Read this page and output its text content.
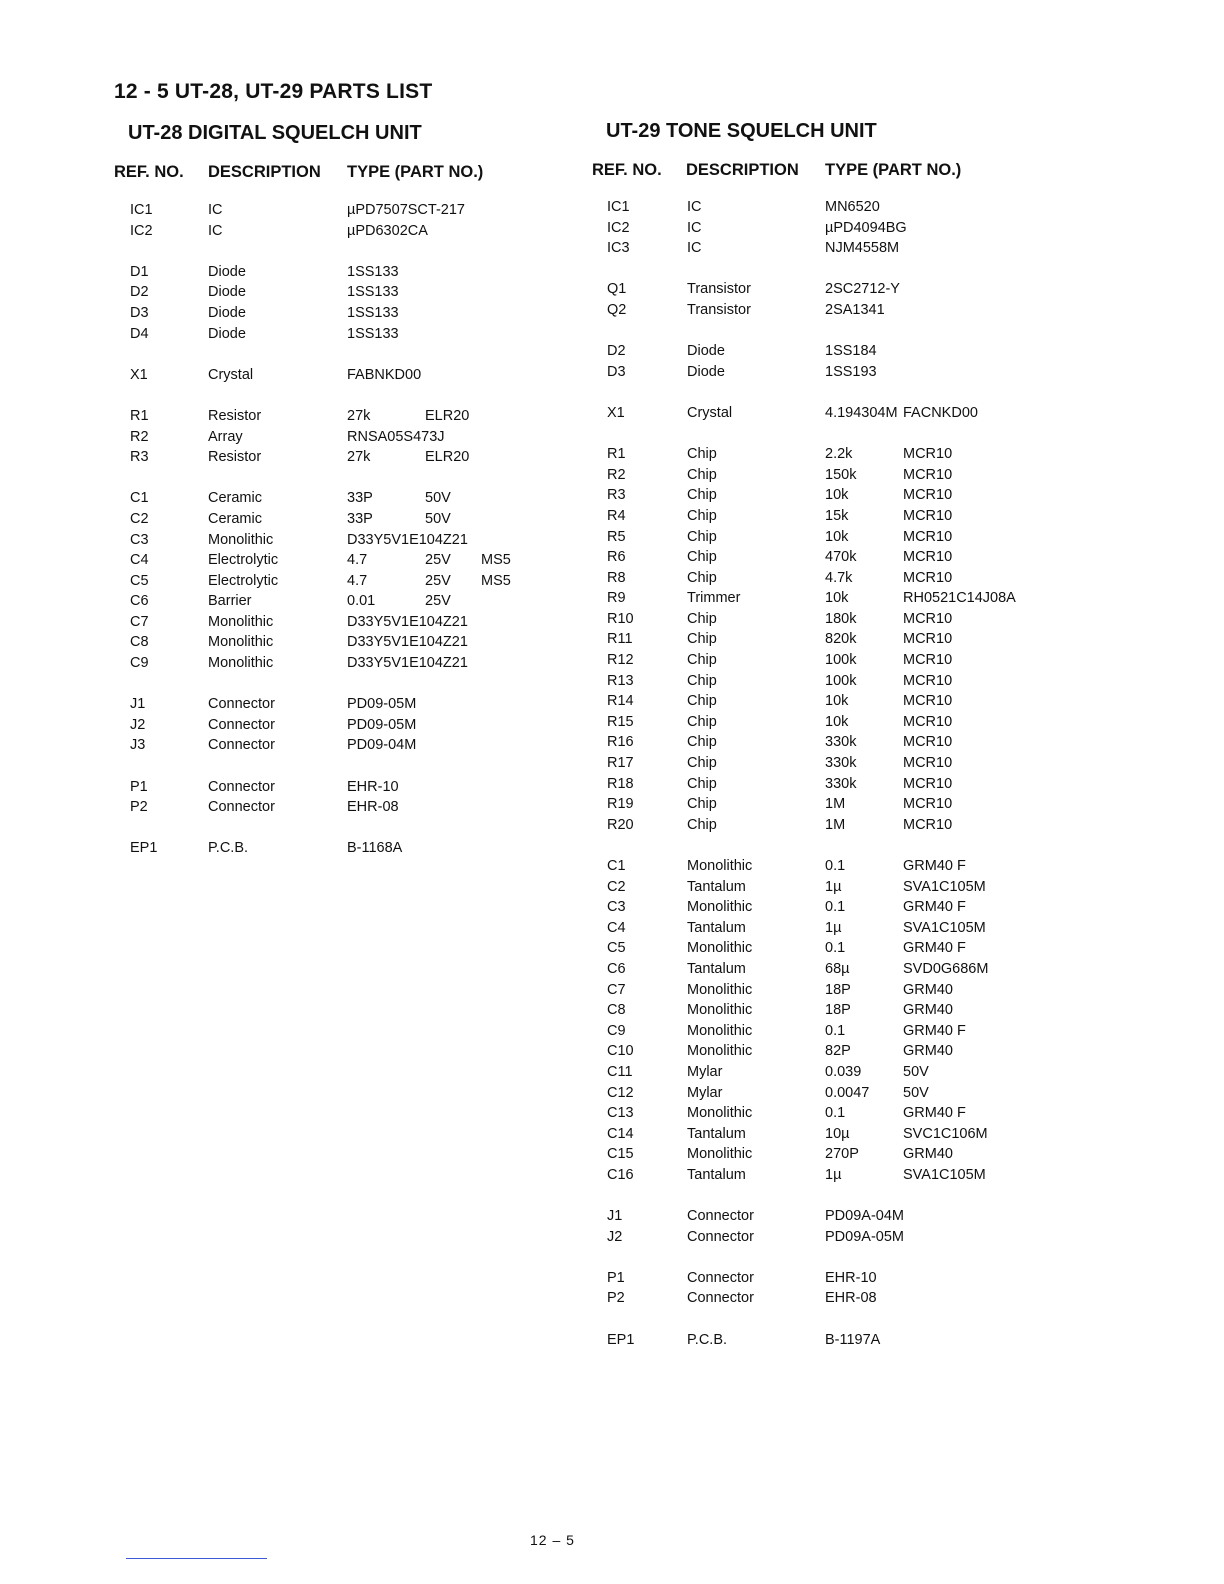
12 - 5 UT-28, UT-29 PARTS LIST
UT-28 DIGITAL SQUELCH UNIT
REF. NO. DESCRIPTION TYPE (PART NO.)
IC1	IC	µPD7507SCT-217
IC2	IC	µPD6302CA
D1	Diode	1SS133
D2	Diode	1SS133
D3	Diode	1SS133
D4	Diode	1SS133
X1	Crystal	FABNKD00
R1	Resistor	27k	ELR20
R2	Array	RNSA05S473J
R3	Resistor	27k	ELR20
C1	Ceramic	33P	50V
C2	Ceramic	33P	50V
C3	Monolithic	D33Y5V1E104Z21
C4	Electrolytic	4.7	25V MS5
C5	Electrolytic	4.7	25V MS5
C6	Barrier	0.01	25V
C7	Monolithic	D33Y5V1E104Z21
C8	Monolithic	D33Y5V1E104Z21
C9	Monolithic	D33Y5V1E104Z21
J1	Connector	PD09-05M
J2	Connector	PD09-05M
J3	Connector	PD09-04M
P1	Connector	EHR-10
P2	Connector	EHR-08
EP1	P.C.B.	B-1168A
UT-29 TONE SQUELCH UNIT
REF. NO. DESCRIPTION TYPE (PART NO.)
IC1	IC	MN6520
IC2	IC	µPD4094BG
IC3	IC	NJM4558M
Q1	Transistor	2SC2712-Y
Q2	Transistor	2SA1341
D2	Diode	1SS184
D3	Diode	1SS193
X1	Crystal	4.194304M FACNKD00
R1	Chip	2.2k	MCR10
R2	Chip	150k	MCR10
R3	Chip	10k	MCR10
R4	Chip	15k	MCR10
R5	Chip	10k	MCR10
R6	Chip	470k	MCR10
R8	Chip	4.7k	MCR10
R9	Trimmer	10k	RH0521C14J08A
R10	Chip	180k	MCR10
R11	Chip	820k	MCR10
R12	Chip	100k	MCR10
R13	Chip	100k	MCR10
R14	Chip	10k	MCR10
R15	Chip	10k	MCR10
R16	Chip	330k	MCR10
R17	Chip	330k	MCR10
R18	Chip	330k	MCR10
R19	Chip	1M	MCR10
R20	Chip	1M	MCR10
C1	Monolithic	0.1	GRM40 F
C2	Tantalum	1µ	SVA1C105M
C3	Monolithic	0.1	GRM40 F
C4	Tantalum	1µ	SVA1C105M
C5	Monolithic	0.1	GRM40 F
C6	Tantalum	68µ	SVD0G686M
C7	Monolithic	18P	GRM40
C8	Monolithic	18P	GRM40
C9	Monolithic	0.1	GRM40 F
C10	Monolithic	82P	GRM40
C11	Mylar	0.039	50V
C12	Mylar	0.0047 50V
C13	Monolithic	0.1	GRM40 F
C14	Tantalum	10µ	SVC1C106M
C15	Monolithic	270P	GRM40
C16	Tantalum	1µ	SVA1C105M
J1	Connector	PD09A-04M
J2	Connector	PD09A-05M
P1	Connector	EHR-10
P2	Connector	EHR-08
EP1	P.C.B.	B-1197A
12 – 5
